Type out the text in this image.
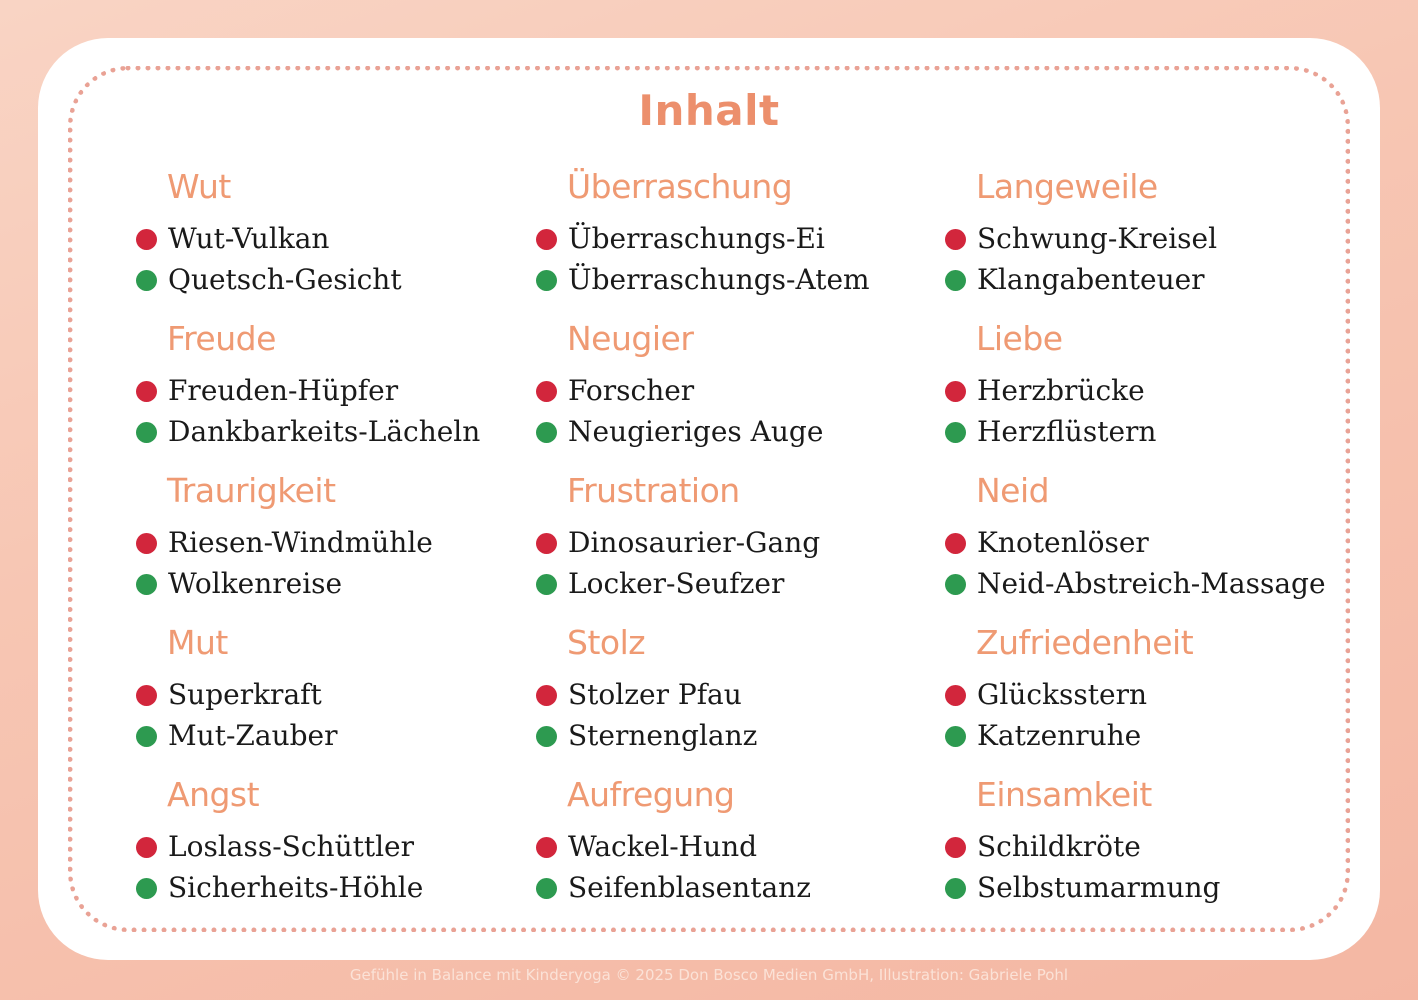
Inhalt
Wut
Wut-Vulkan
Quetsch-Gesicht
Freude
Freuden-Hüpfer
Dankbarkeits-Lächeln
Traurigkeit
Riesen-Windmühle
Wolkenreise
Mut
Superkraft
Mut-Zauber
Angst
Loslass-Schüttler
Sicherheits-Höhle
Überraschung
Überraschungs-Ei
Überraschungs-Atem
Neugier
Forscher
Neugieriges Auge
Frustration
Dinosaurier-Gang
Locker-Seufzer
Stolz
Stolzer Pfau
Sternenglanz
Aufregung
Wackel-Hund
Seifenblasentanz
Langeweile
Schwung-Kreisel
Klangabenteuer
Liebe
Herzbrücke
Herzflüstern
Neid
Knotenlöser
Neid-Abstreich-Massage
Zufriedenheit
Glücksstern
Katzenruhe
Einsamkeit
Schildkröte
Selbstumarmung
Gefühle in Balance mit Kinderyoga © 2025 Don Bosco Medien GmbH, Illustration: Gabriele Pohl
